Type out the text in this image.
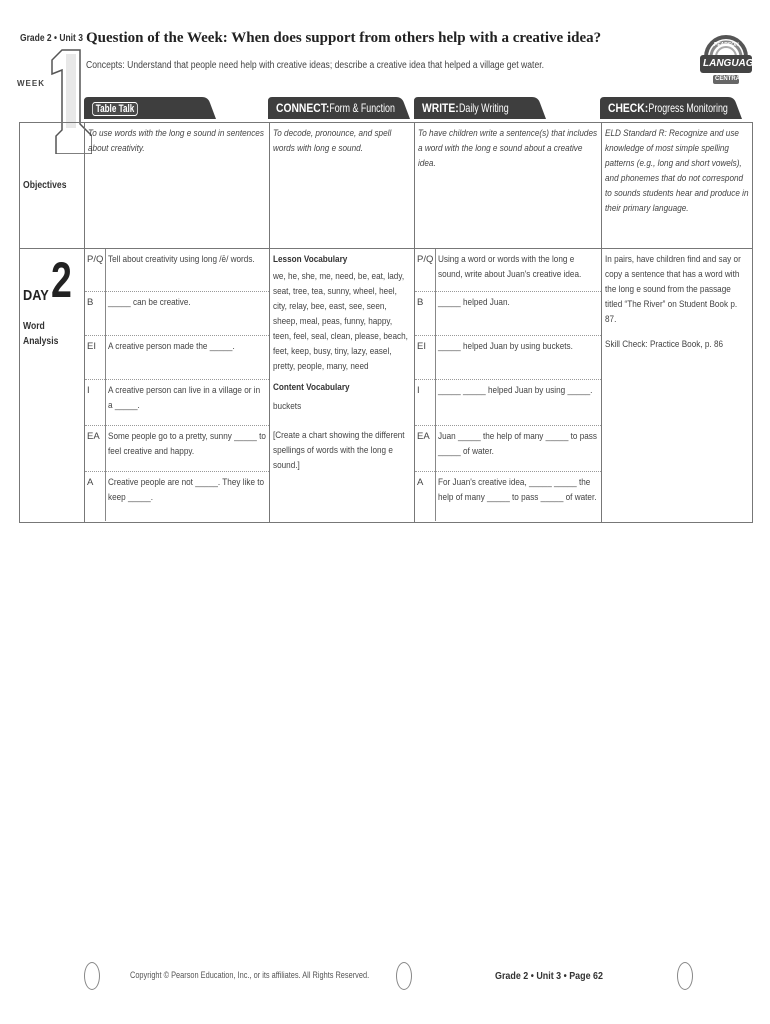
Grade 2 • Unit 3 Question of the Week: When does support from others help with a creative idea?
Concepts: Understand that people need help with creative ideas; describe a creative idea that helped a village get water.
WEEK
PEARSON
LANGUAGE
CENTRAL
Table Talk	CONNECT:Form & Function	WRITE:Daily Writing	CHECK:Progress Monitoring
Objectives	To use words with the long e sound in sentences about creativity.	To decode, pronounce, and spell words with long e sound.	To have children write a sentence(s) that includes a word with the long e sound about a creative idea.	ELD Standard R: Recognize and use knowledge of most simple spelling patterns (e.g., long and short vowels), and phonemes that do not correspond to sounds students hear and produce in their primary language.

DAY 2
Word Analysis

P/Q	Tell about creativity using long /ē/ words.
B	_____ can be creative.
EI	A creative person made the _____.
I	A creative person can live in a village or in a _____.
EA	Some people go to a pretty, sunny _____ to feel creative and happy.
A	Creative people are not _____. They like to keep _____.

Lesson Vocabulary
we, he, she, me, need, be, eat, lady, seat, tree, tea, sunny, wheel, heel, city, relay, bee, east, see, seen, sheep, meal, peas, funny, happy, teen, feel, seal, clean, please, beach, feet, keep, busy, tiny, lazy, easel, pretty, people, many, need
Content Vocabulary
buckets
[Create a chart showing the different spellings of words with the long e sound.]

P/Q	Using a word or words with the long e sound, write about Juan's creative idea.
B	_____ helped Juan.
EI	_____ helped Juan by using buckets.
I	_____ _____ helped Juan by using _____.
EA	Juan _____ the help of many _____ to pass _____ of water.
A	For Juan's creative idea, _____ _____ the help of many _____ to pass _____ of water.

In pairs, have children find and say or copy a sentence that has a word with the long e sound from the passage titled “The River” on Student Book p. 87.
Skill Check: Practice Book, p. 86
Copyright © Pearson Education, Inc., or its affiliates. All Rights Reserved.	Grade 2 • Unit 3 • Page 62
